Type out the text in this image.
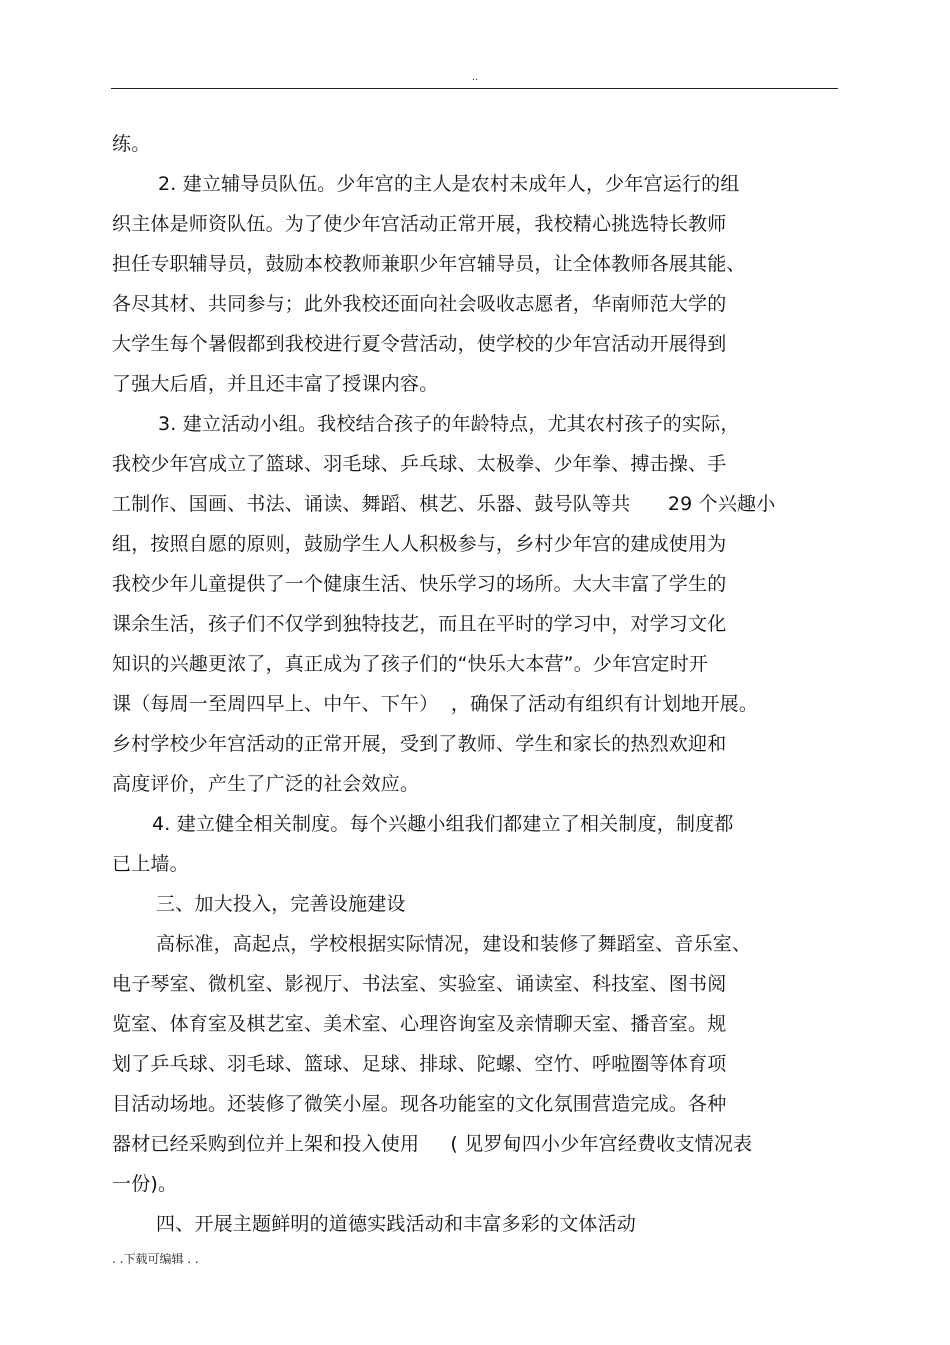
..
练。
2. 建立辅导员队伍。少年宫的主人是农村未成年人，少年宫运行的组
织主体是师资队伍。为了使少年宫活动正常开展，我校精心挑选特长教师
担任专职辅导员，鼓励本校教师兼职少年宫辅导员，让全体教师各展其能、
各尽其材、共同参与；此外我校还面向社会吸收志愿者，华南师范大学的
大学生每个暑假都到我校进行夏令营活动，使学校的少年宫活动开展得到
了强大后盾，并且还丰富了授课内容。
3. 建立活动小组。我校结合孩子的年龄特点，尤其农村孩子的实际，
我校少年宫成立了篮球、羽毛球、乒乓球、太极拳、少年拳、搏击操、手
工制作、国画、书法、诵读、舞蹈、棋艺、乐器、鼓号队等共      29 个兴趣小
组，按照自愿的原则，鼓励学生人人积极参与，乡村少年宫的建成使用为
我校少年儿童提供了一个健康生活、快乐学习的场所。大大丰富了学生的
课余生活，孩子们不仅学到独特技艺，而且在平时的学习中，对学习文化
知识的兴趣更浓了，真正成为了孩子们的“快乐大本营”。少年宫定时开
课（每周一至周四早上、中午、下午）  ，确保了活动有组织有计划地开展。
乡村学校少年宫活动的正常开展，受到了教师、学生和家长的热烈欢迎和
高度评价，产生了广泛的社会效应。
4. 建立健全相关制度。每个兴趣小组我们都建立了相关制度，制度都
已上墙。
三、加大投入，完善设施建设
高标准，高起点，学校根据实际情况，建设和装修了舞蹈室、音乐室、
电子琴室、微机室、影视厅、书法室、实验室、诵读室、科技室、图书阅
览室、体育室及棋艺室、美术室、心理咨询室及亲情聊天室、播音室。规
划了乒乓球、羽毛球、篮球、足球、排球、陀螺、空竹、呼啦圈等体育项
目活动场地。还装修了微笑小屋。现各功能室的文化氛围营造完成。各种
器材已经采购到位并上架和投入使用     ( 见罗甸四小少年宫经费收支情况表
一份)。
四、开展主题鲜明的道德实践活动和丰富多彩的文体活动
. .下载可编辑 . .
